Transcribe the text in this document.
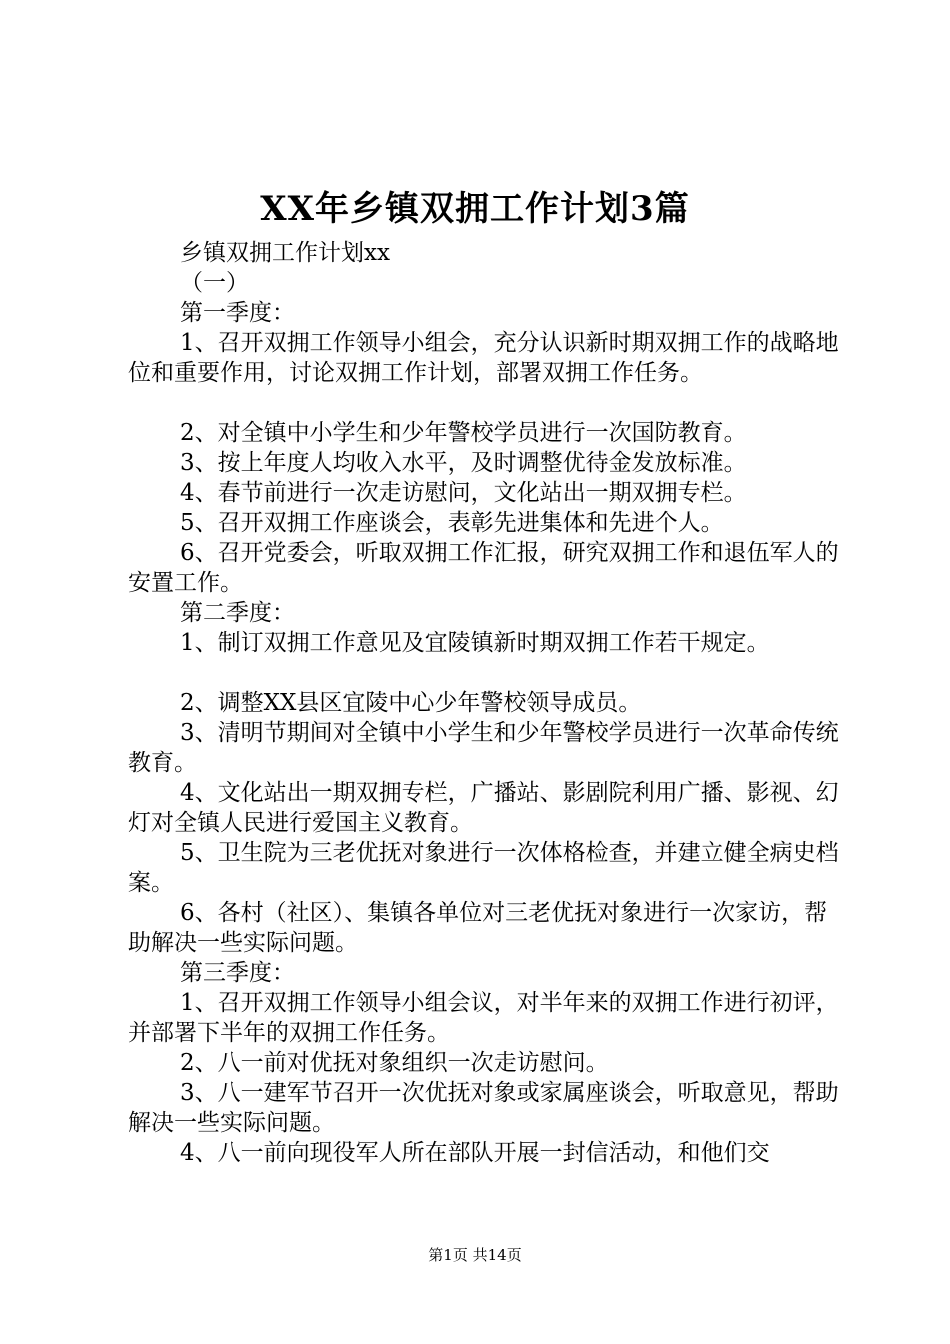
XX年乡镇双拥工作计划3篇

乡镇双拥工作计划xx

（一）

第一季度：

1、召开双拥工作领导小组会，充分认识新时期双拥工作的战略地位和重要作用，讨论双拥工作计划，部署双拥工作任务。

2、对全镇中小学生和少年警校学员进行一次国防教育。

3、按上年度人均收入水平，及时调整优待金发放标准。

4、春节前进行一次走访慰问，文化站出一期双拥专栏。

5、召开双拥工作座谈会，表彰先进集体和先进个人。

6、召开党委会，听取双拥工作汇报，研究双拥工作和退伍军人的安置工作。

第二季度：

1、制订双拥工作意见及宜陵镇新时期双拥工作若干规定。

2、调整XX县区宜陵中心少年警校领导成员。

3、清明节期间对全镇中小学生和少年警校学员进行一次革命传统教育。

4、文化站出一期双拥专栏，广播站、影剧院利用广播、影视、幻灯对全镇人民进行爱国主义教育。

5、卫生院为三老优抚对象进行一次体格检查，并建立健全病史档案。

6、各村（社区）、集镇各单位对三老优抚对象进行一次家访，帮助解决一些实际问题。

第三季度：

1、召开双拥工作领导小组会议，对半年来的双拥工作进行初评，并部署下半年的双拥工作任务。

2、八一前对优抚对象组织一次走访慰问。

3、八一建军节召开一次优抚对象或家属座谈会，听取意见，帮助解决一些实际问题。

4、八一前向现役军人所在部队开展一封信活动，和他们交

第1页 共14页
